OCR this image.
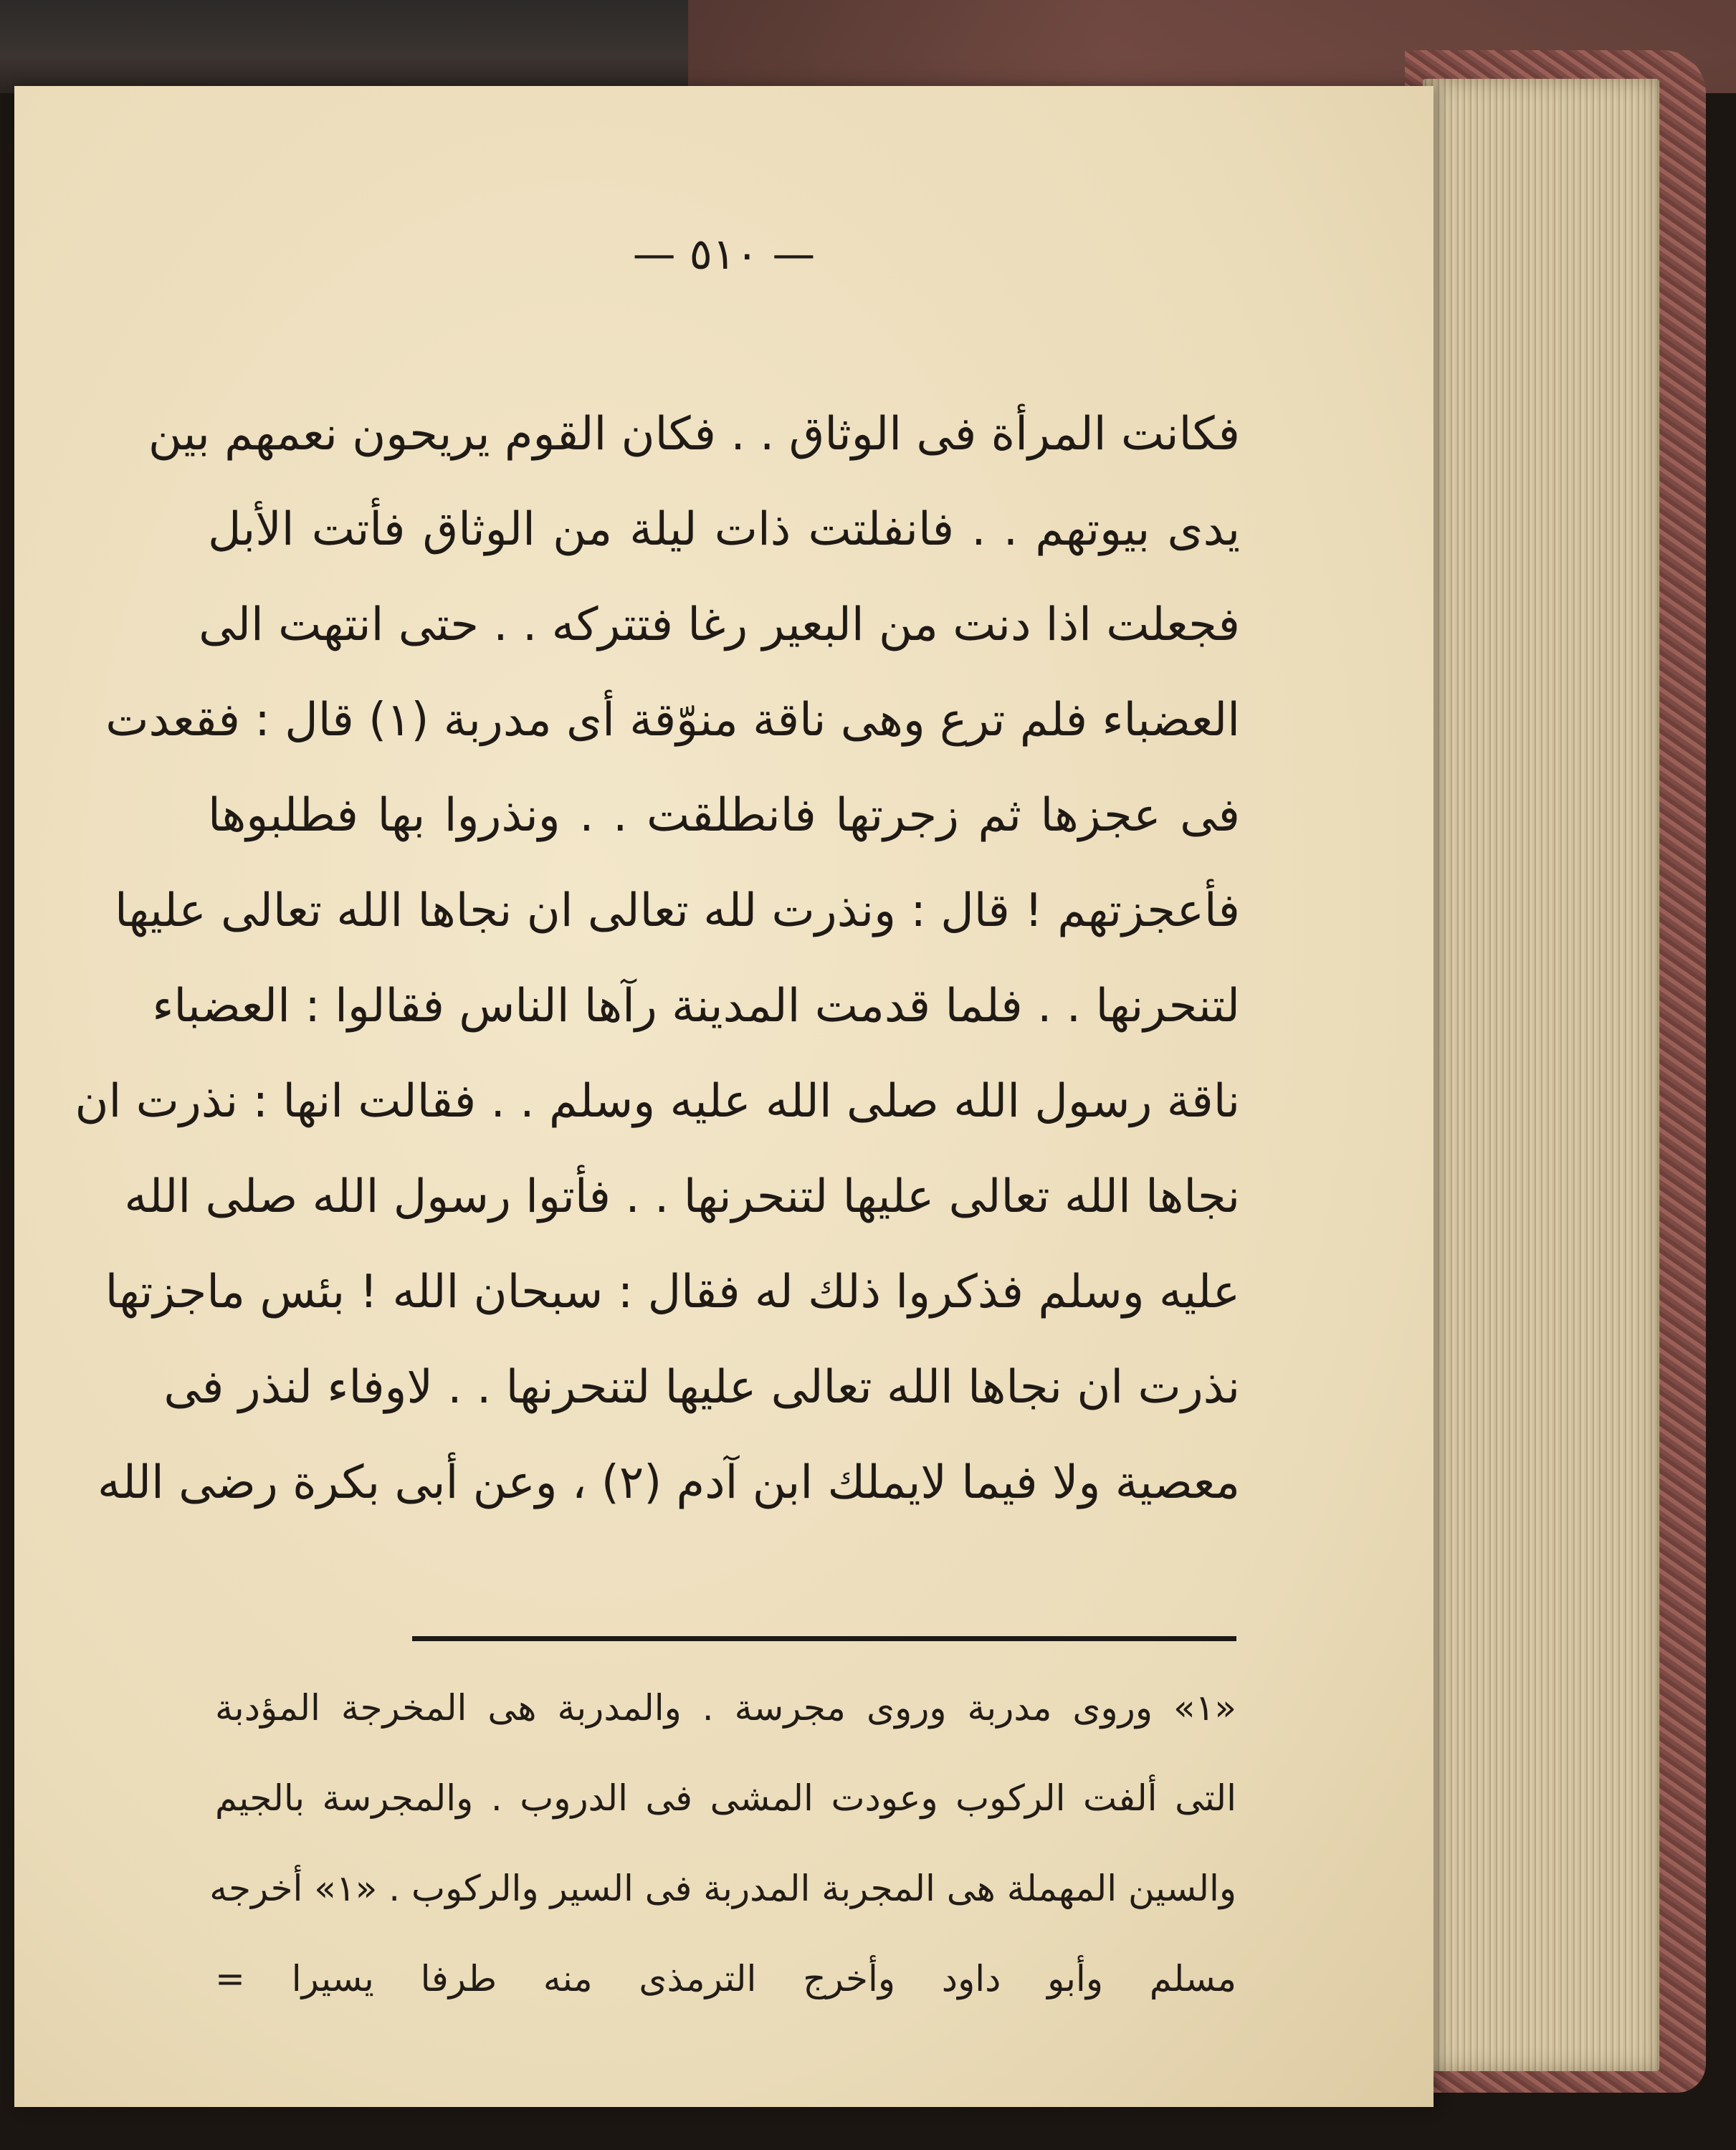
— ٥١٠ —
فكانت المرأة فى الوثاق . . فكان القوم يريحون نعمهم بين
يدى بيوتهم . . فانفلتت ذات ليلة من الوثاق فأتت الأبل
فجعلت اذا دنت من البعير رغا فتتركه . . حتى انتهت الى
العضباء فلم ترع وهى ناقة منوّقة أى مدربة (١) قال : فقعدت
فى عجزها ثم زجرتها فانطلقت . . ونذروا بها فطلبوها
فأعجزتهم ! قال : ونذرت لله تعالى ان نجاها الله تعالى عليها
لتنحرنها . . فلما قدمت المدينة رآها الناس فقالوا : العضباء
ناقة رسول الله صلى الله عليه وسلم . . فقالت انها : نذرت ان
نجاها الله تعالى عليها لتنحرنها . . فأتوا رسول الله صلى الله
عليه وسلم فذكروا ذلك له فقال : سبحان الله ! بئس ماجزتها
نذرت ان نجاها الله تعالى عليها لتنحرنها . . لاوفاء لنذر فى
معصية ولا فيما لايملك ابن آدم (٢) ، وعن أبى بكرة رضى الله
«١» وروى مدربة وروى مجرسة . والمدربة هى المخرجة المؤدبة
التى ألفت الركوب وعودت المشى فى الدروب . والمجرسة بالجيم
والسين المهملة هى المجربة المدربة فى السير والركوب . «١» أخرجه
مسلم وأبو داود وأخرج الترمذى منه طرفا يسيرا =
